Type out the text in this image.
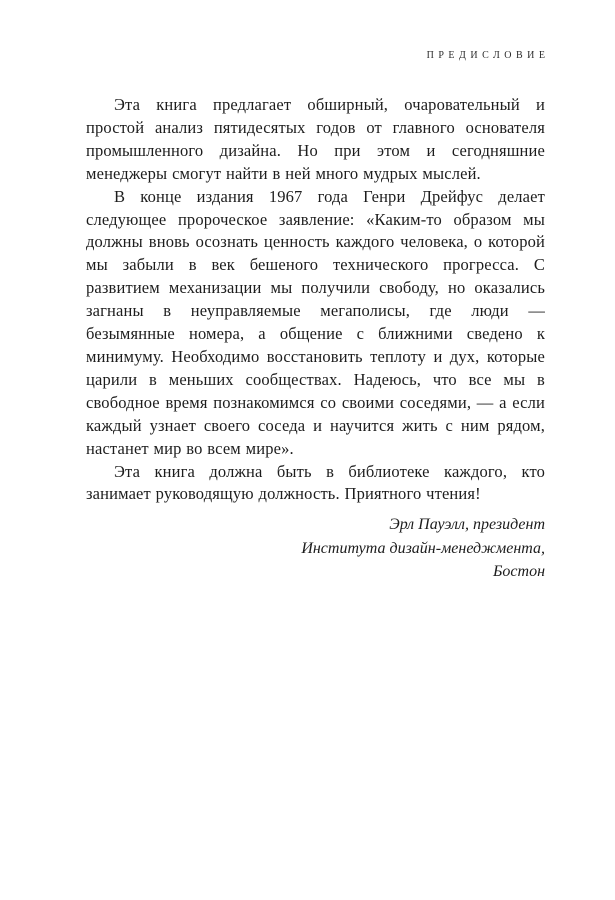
ПРЕДИСЛОВИЕ

Эта книга предлагает обширный, очаровательный и простой анализ пятидесятых годов от главного основателя промышленного дизайна. Но при этом и сегодняшние менеджеры смогут найти в ней много мудрых мыслей.

В конце издания 1967 года Генри Дрейфус делает следующее пророческое заявление: «Каким-то образом мы должны вновь осознать ценность каждого человека, о которой мы забыли в век бешеного технического прогресса. С развитием механизации мы получили свободу, но оказались загнаны в неуправляемые мегаполисы, где люди — безымянные номера, а общение с ближними сведено к минимуму. Необходимо восстановить теплоту и дух, которые царили в меньших сообществах. Надеюсь, что все мы в свободное время познакомимся со своими соседями, — а если каждый узнает своего соседа и научится жить с ним рядом, настанет мир во всем мире».

Эта книга должна быть в библиотеке каждого, кто занимает руководящую должность. Приятного чтения!

Эрл Пауэлл, президент
Института дизайн-менеджмента,
Бостон
